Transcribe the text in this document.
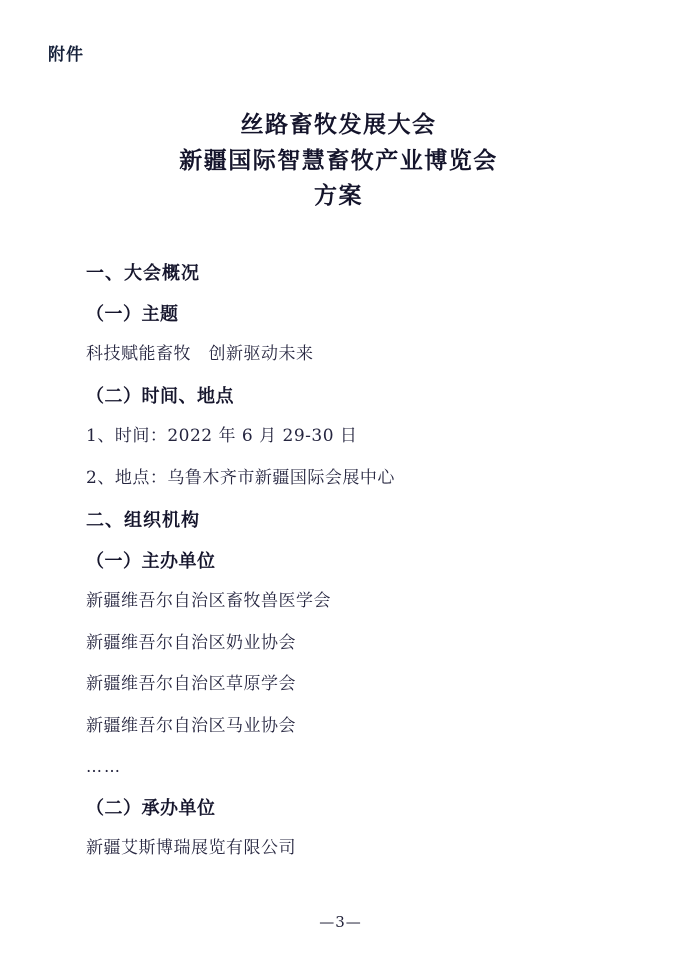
附件
丝路畜牧发展大会
新疆国际智慧畜牧产业博览会
方案
一、大会概况
（一）主题
科技赋能畜牧　创新驱动未来
（二）时间、地点
1、时间：2022 年 6 月 29-30 日
2、地点：乌鲁木齐市新疆国际会展中心
二、组织机构
（一）主办单位
新疆维吾尔自治区畜牧兽医学会
新疆维吾尔自治区奶业协会
新疆维吾尔自治区草原学会
新疆维吾尔自治区马业协会
……
（二）承办单位
新疆艾斯博瑞展览有限公司
—3—
